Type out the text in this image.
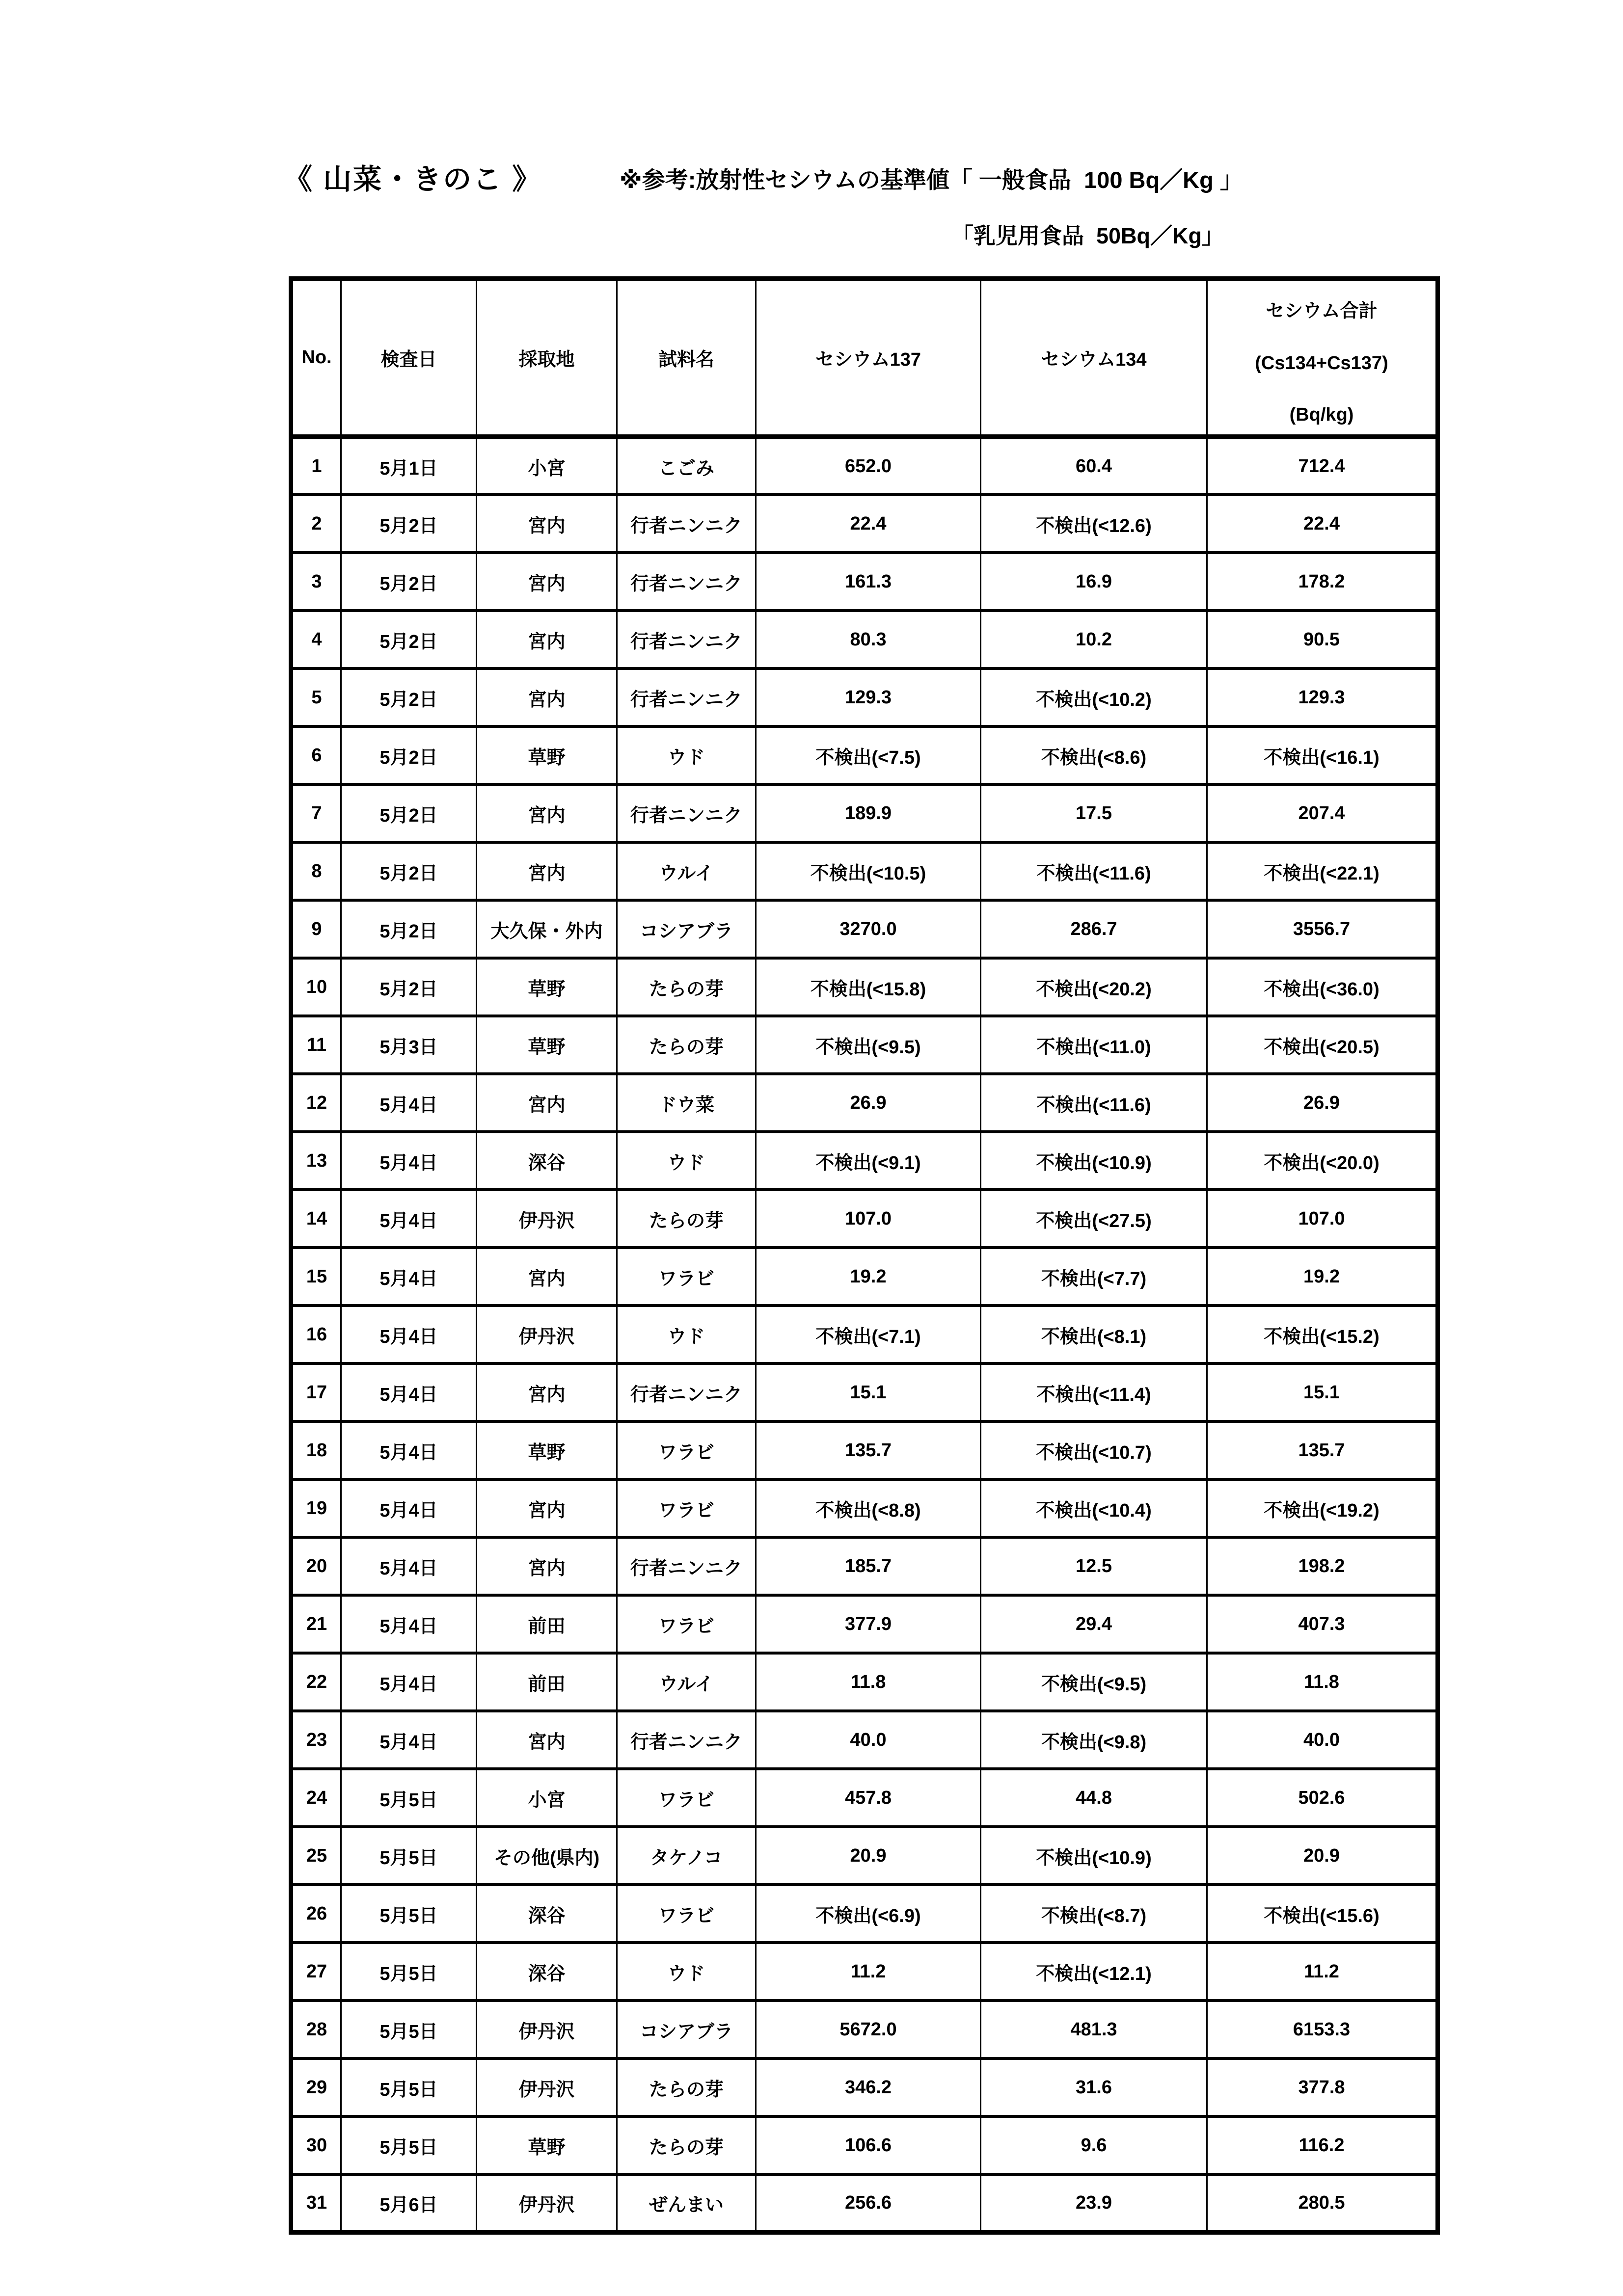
《 山菜・きのこ 》	※参考:放射性セシウムの基準値「 一般食品  100 Bq／Kg 」
「乳児用食品  50Bq／Kg」
No.	検査日	採取地	試料名	セシウム137	セシウム134	セシウム合計
(Cs134+Cs137)
(Bq/kg)

1	5月1日	小宮	こごみ	652.0	60.4	712.4
2	5月2日	宮内	行者ニンニク	22.4	不検出(<12.6)	22.4
3	5月2日	宮内	行者ニンニク	161.3	16.9	178.2
4	5月2日	宮内	行者ニンニク	80.3	10.2	90.5
5	5月2日	宮内	行者ニンニク	129.3	不検出(<10.2)	129.3
6	5月2日	草野	ウド	不検出(<7.5)	不検出(<8.6)	不検出(<16.1)
7	5月2日	宮内	行者ニンニク	189.9	17.5	207.4
8	5月2日	宮内	ウルイ	不検出(<10.5)	不検出(<11.6)	不検出(<22.1)
9	5月2日	大久保・外内	コシアブラ	3270.0	286.7	3556.7
10	5月2日	草野	たらの芽	不検出(<15.8)	不検出(<20.2)	不検出(<36.0)
11	5月3日	草野	たらの芽	不検出(<9.5)	不検出(<11.0)	不検出(<20.5)
12	5月4日	宮内	ドウ菜	26.9	不検出(<11.6)	26.9
13	5月4日	深谷	ウド	不検出(<9.1)	不検出(<10.9)	不検出(<20.0)
14	5月4日	伊丹沢	たらの芽	107.0	不検出(<27.5)	107.0
15	5月4日	宮内	ワラビ	19.2	不検出(<7.7)	19.2
16	5月4日	伊丹沢	ウド	不検出(<7.1)	不検出(<8.1)	不検出(<15.2)
17	5月4日	宮内	行者ニンニク	15.1	不検出(<11.4)	15.1
18	5月4日	草野	ワラビ	135.7	不検出(<10.7)	135.7
19	5月4日	宮内	ワラビ	不検出(<8.8)	不検出(<10.4)	不検出(<19.2)
20	5月4日	宮内	行者ニンニク	185.7	12.5	198.2
21	5月4日	前田	ワラビ	377.9	29.4	407.3
22	5月4日	前田	ウルイ	11.8	不検出(<9.5)	11.8
23	5月4日	宮内	行者ニンニク	40.0	不検出(<9.8)	40.0
24	5月5日	小宮	ワラビ	457.8	44.8	502.6
25	5月5日	その他(県内)	タケノコ	20.9	不検出(<10.9)	20.9
26	5月5日	深谷	ワラビ	不検出(<6.9)	不検出(<8.7)	不検出(<15.6)
27	5月5日	深谷	ウド	11.2	不検出(<12.1)	11.2
28	5月5日	伊丹沢	コシアブラ	5672.0	481.3	6153.3
29	5月5日	伊丹沢	たらの芽	346.2	31.6	377.8
30	5月5日	草野	たらの芽	106.6	9.6	116.2
31	5月6日	伊丹沢	ぜんまい	256.6	23.9	280.5
